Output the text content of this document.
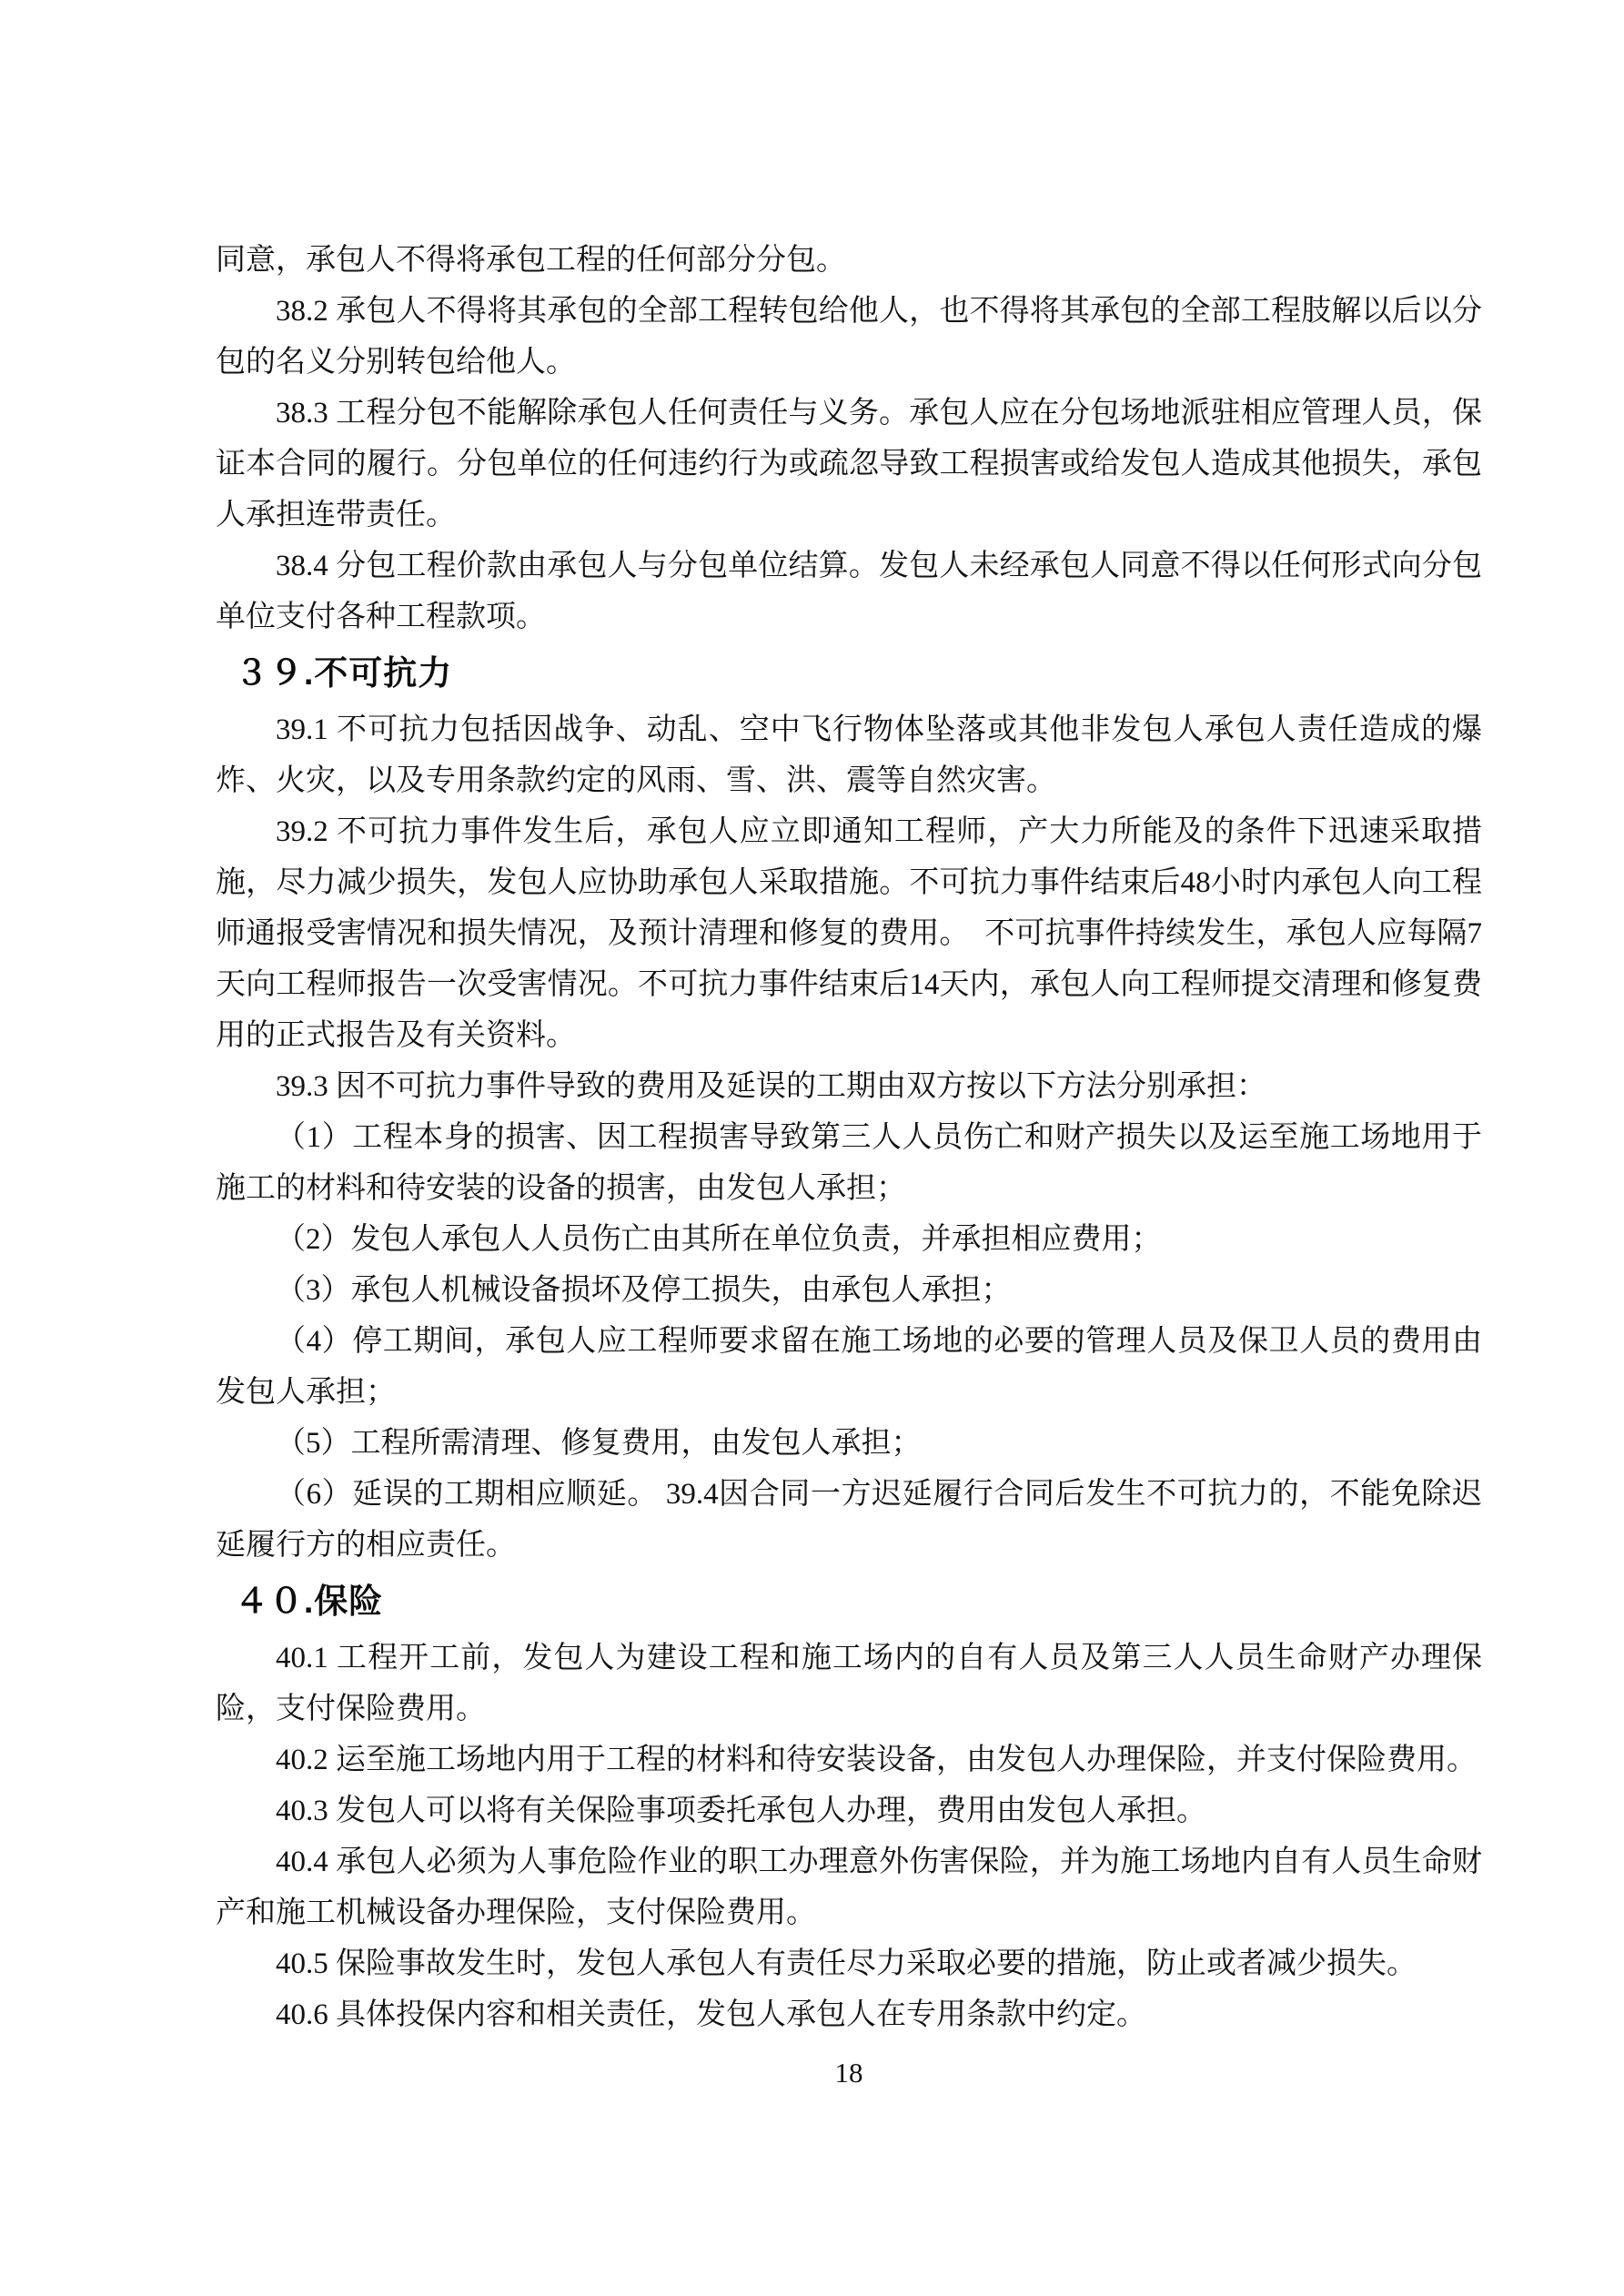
同意，承包人不得将承包工程的任何部分分包。
38.2 承包人不得将其承包的全部工程转包给他人，也不得将其承包的全部工程肢解以后以分包的名义分别转包给他人。
38.3 工程分包不能解除承包人任何责任与义务。承包人应在分包场地派驻相应管理人员，保证本合同的履行。分包单位的任何违约行为或疏忽导致工程损害或给发包人造成其他损失，承包人承担连带责任。
38.4 分包工程价款由承包人与分包单位结算。发包人未经承包人同意不得以任何形式向分包单位支付各种工程款项。
３９.不可抗力
39.1 不可抗力包括因战争、动乱、空中飞行物体坠落或其他非发包人承包人责任造成的爆炸、火灾，以及专用条款约定的风雨、雪、洪、震等自然灾害。
39.2 不可抗力事件发生后，承包人应立即通知工程师，产大力所能及的条件下迅速采取措施，尽力减少损失，发包人应协助承包人采取措施。不可抗力事件结束后48小时内承包人向工程师通报受害情况和损失情况，及预计清理和修复的费用。　不可抗事件持续发生，承包人应每隔7天向工程师报告一次受害情况。不可抗力事件结束后14天内，承包人向工程师提交清理和修复费用的正式报告及有关资料。
39.3 因不可抗力事件导致的费用及延误的工期由双方按以下方法分别承担：
（1）工程本身的损害、因工程损害导致第三人人员伤亡和财产损失以及运至施工场地用于施工的材料和待安装的设备的损害，由发包人承担；
（2）发包人承包人人员伤亡由其所在单位负责，并承担相应费用；
（3）承包人机械设备损坏及停工损失，由承包人承担；
（4）停工期间，承包人应工程师要求留在施工场地的必要的管理人员及保卫人员的费用由发包人承担；
（5）工程所需清理、修复费用，由发包人承担；
（6）延误的工期相应顺延。 39.4因合同一方迟延履行合同后发生不可抗力的，不能免除迟延履行方的相应责任。
４０.保险
40.1 工程开工前，发包人为建设工程和施工场内的自有人员及第三人人员生命财产办理保险，支付保险费用。
40.2 运至施工场地内用于工程的材料和待安装设备，由发包人办理保险，并支付保险费用。
40.3 发包人可以将有关保险事项委托承包人办理，费用由发包人承担。
40.4 承包人必须为人事危险作业的职工办理意外伤害保险，并为施工场地内自有人员生命财产和施工机械设备办理保险，支付保险费用。
40.5 保险事故发生时，发包人承包人有责任尽力采取必要的措施，防止或者减少损失。
40.6 具体投保内容和相关责任，发包人承包人在专用条款中约定。
18
